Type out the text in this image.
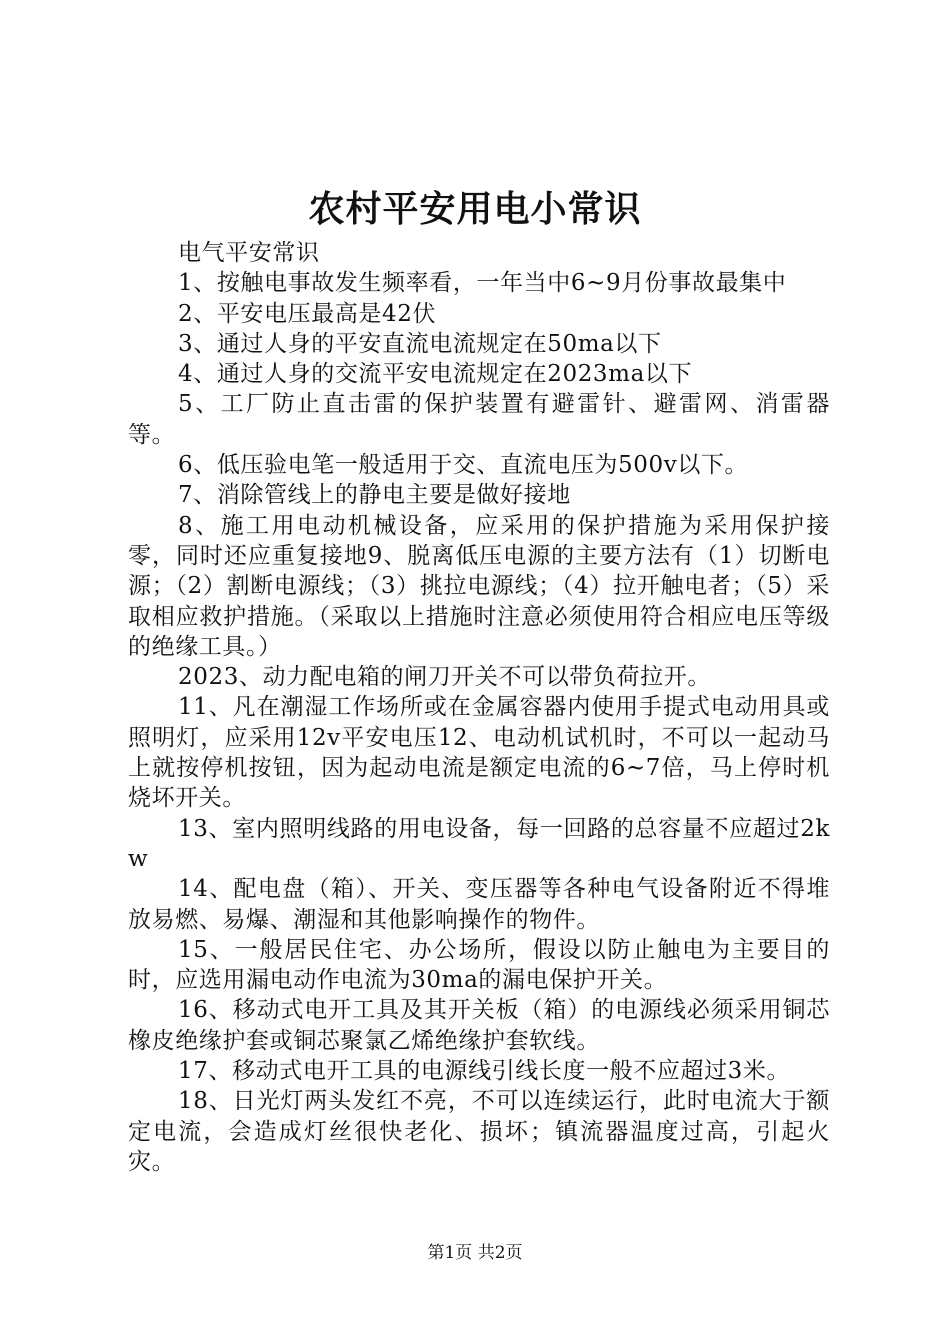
农村平安用电小常识

电气平安常识

1、按触电事故发生频率看，一年当中6~9月份事故最集中

2、平安电压最高是42伏

3、通过人身的平安直流电流规定在50ma以下

4、通过人身的交流平安电流规定在2023ma以下

5、工厂防止直击雷的保护装置有避雷针、避雷网、消雷器等。

6、低压验电笔一般适用于交、直流电压为500v以下。

7、消除管线上的静电主要是做好接地

8、施工用电动机械设备，应采用的保护措施为采用保护接零，同时还应重复接地9、脱离低压电源的主要方法有（1）切断电源；（2）割断电源线；（3）挑拉电源线；（4）拉开触电者；（5）采取相应救护措施。（采取以上措施时注意必须使用符合相应电压等级的绝缘工具。）

2023、动力配电箱的闸刀开关不可以带负荷拉开。

11、凡在潮湿工作场所或在金属容器内使用手提式电动用具或照明灯，应采用12v平安电压12、电动机试机时，不可以一起动马上就按停机按钮，因为起动电流是额定电流的6~7倍，马上停时机烧坏开关。

13、室内照明线路的用电设备，每一回路的总容量不应超过2kw

14、配电盘（箱）、开关、变压器等各种电气设备附近不得堆放易燃、易爆、潮湿和其他影响操作的物件。

15、一般居民住宅、办公场所，假设以防止触电为主要目的时，应选用漏电动作电流为30ma的漏电保护开关。

16、移动式电开工具及其开关板（箱）的电源线必须采用铜芯橡皮绝缘护套或铜芯聚氯乙烯绝缘护套软线。

17、移动式电开工具的电源线引线长度一般不应超过3米。

18、日光灯两头发红不亮，不可以连续运行，此时电流大于额定电流，会造成灯丝很快老化、损坏；镇流器温度过高，引起火灾。

第1页 共2页
